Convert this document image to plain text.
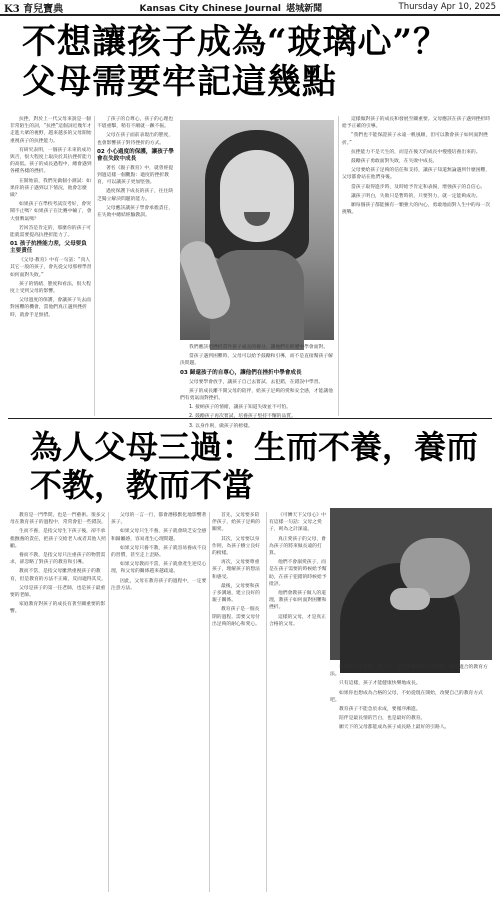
K3 育兒寶典	Kansas City Chinese Journal 堪城新聞	Thursday Apr 10, 2025
不想讓孩子成為“玻璃心”？
父母需要牢記這幾點

抗挫，對於上一代父母來說是一個非常陌生的詞，“抗挫”這個詞近幾年才走進大眾的視野，越來越多的父母開始重視孩子的抗挫能力。

有研究表明，一個孩子未來的成功與否，很大程度上取決於其抗挫折能力的高低。孩子的成長過程中，總會遇到各種各樣的挫折。

在開始前，我們先做個小測試：如果你的孩子遇到以下情況，他會怎麼做？

如果孩子在學校考試沒考好，會哭鬧不止嗎？如果孩子在比賽中輸了，會大發脾氣嗎？

若回答是肯定的，那麼你的孩子可能就需要提高抗挫折能力了。

01 孩子抗挫能力差，父母要負主要責任

《父母·教育》中有一句話：“真人其它一般的孩子，會先從父母那裡學習如何面對失敗。”

孩子的情緒、態度和看法，很大程度上受到父母的影響。

父母過度的保護，會讓孩子失去面對困難的機會，當他們真正遇到挫折時，就會手足無措。

了孩子的自尊心，孩子的心理也不堪重擊，稍有不順就一蹶不振。

父母在孩子面前表現出的態度，也會影響孩子對待挫折的方式。

02 小心過度的保護，讓孩子學會在失敗中成長

著名《親子教育》中，就曾經提到過這樣一個觀點：適度的挫折教育，可以讓孩子更加堅強。

過度保護下成長的孩子，往往缺乏獨立解決問題的能力。

父母應該讓孩子學會承擔責任，在失敗中總結經驗教訓。

我們應該把挫折當作孩子成長的養分，讓他們在經歷中學會面對。

當孩子遇到困難時，父母可以給予鼓勵和引導，而不是直接幫孩子解決問題。

03 歸還孩子的自尊心，讓他們在挫折中學會成長

父母要學會放手，讓孩子自己去嘗試、去犯錯，在錯誤中學習。

孩子的成長離不開父母的陪伴，給孩子足夠的愛和安全感，才能讓他們有勇氣面對挫折。

1. 接納孩子的情緒，讓孩子知道失敗並不可怕。

2. 鼓勵孩子再次嘗試，培養孩子堅持不懈的品質。

3. 以身作則，做孩子的榜樣。

這樣做對孩子的成長和發展至關重要。父母應該在孩子遇到挫折時給予正確的引導。

“我們也不能保證孩子永遠一帆風順，但可以教會孩子如何面對挫折。”

抗挫能力不是天生的，而是在後天的成長中慢慢培養出來的。

鼓勵孩子勇敢面對失敗，在失敗中成長。

父母要給孩子足夠的信任和支持，讓孩子知道無論遇到什麼困難，父母都會站在他們身後。

當孩子取得進步時，及時給予肯定和表揚，增強孩子的自信心。

讓孩子明白，失敗只是暫時的，只要努力，就一定能夠成功。

願每個孩子都能擁有一顆強大的內心，勇敢地面對人生中的每一次挑戰。

為人父母三過：生而不養，養而不教，教而不當

教育是一門學問，也是一門藝術。很多父母在教育孩子的過程中，常常會犯一些錯誤。

生而不養，是指父母生下孩子後，卻不承擔撫養的責任，把孩子交給老人或者其他人照顧。

養而不教，是指父母只注重孩子的物質需求，卻忽略了對孩子的教育和引導。

教而不當，是指父母雖然重視孩子的教育，但是教育的方法不正確，反而適得其反。

父母是孩子的第一任老師，也是孩子最重要的老師。

家庭教育對孩子的成長有著至關重要的影響。

父母的一言一行，都會潛移默化地影響著孩子。

如果父母只生不養，孩子就會缺乏安全感和歸屬感，容易產生心理問題。

如果父母只養不教，孩子就容易養成不良的習慣，甚至走上歪路。

如果父母教而不當，孩子就會產生逆反心理，和父母的關係越來越疏遠。

因此，父母在教育孩子的過程中，一定要注意方法。

首先，父母要多陪伴孩子，給孩子足夠的關愛。

其次，父母要以身作則，為孩子樹立良好的榜樣。

再次，父母要尊重孩子，理解孩子的想法和感受。

最後，父母要和孩子多溝通，建立良好的親子關係。

教育孩子是一個長期的過程，需要父母付出足夠的耐心和愛心。

《可憐天下父母心》中有這樣一句話：父母之愛子，則為之計深遠。

真正愛孩子的父母，會為孩子的將來做長遠的打算。

他們不會溺愛孩子，而是在孩子需要的時候給予幫助，在孩子犯錯的時候給予批評。

他們會教孩子做人的道理，教孩子如何面對困難和挫折。

這樣的父母，才是真正合格的父母。

每個孩子都是獨一無二的，父母要根據孩子的特點，採用適合的教育方法。

只有這樣，孩子才能健康快樂地成長。

如果你也想成為合格的父母，不妨從現在開始，改變自己的教育方式吧。

教育孩子不能急於求成，要循序漸進。

陪伴是最長情的告白，也是最好的教育。

願天下的父母都能成為孩子成長路上最好的引路人。
